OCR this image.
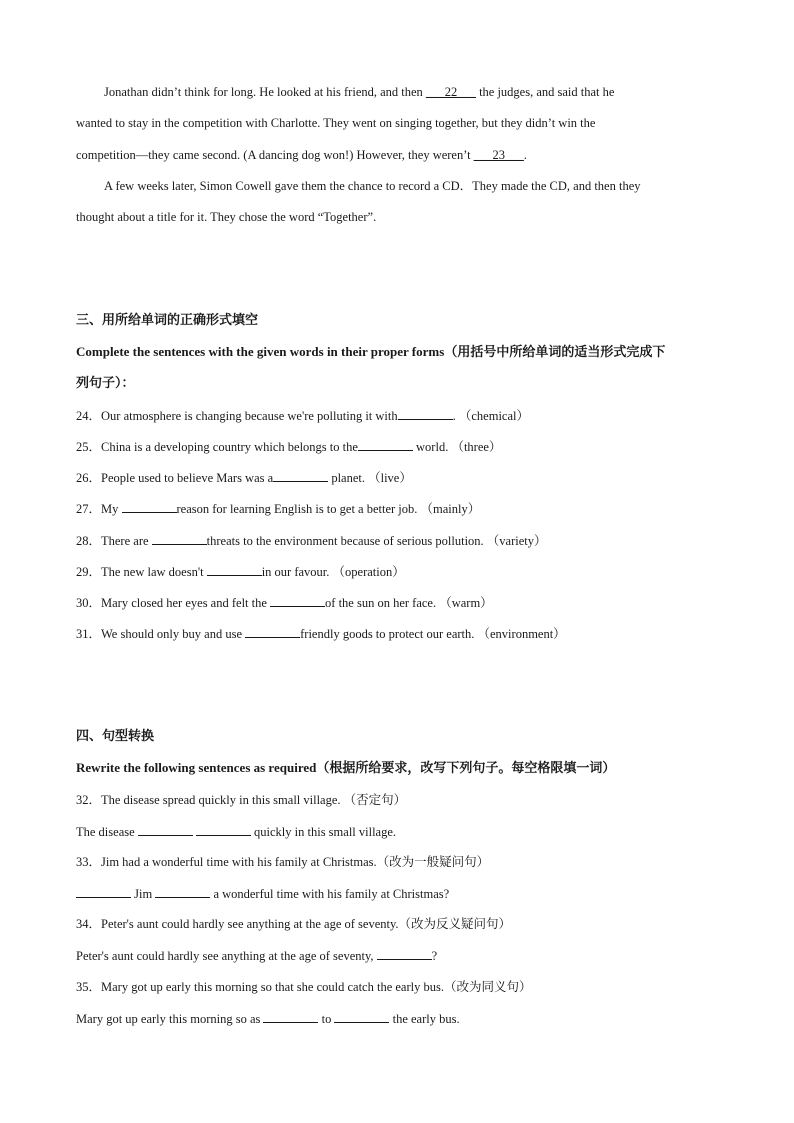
Jonathan didn’t think for long. He looked at his friend, and then ___22___ the judges, and said that he
wanted to stay in the competition with Charlotte. They went on singing together, but they didn’t win the
competition—they came second. (A dancing dog won!) However, they weren’t ___23___.
A few weeks later, Simon Cowell gave them the chance to record a CD．They made the CD, and then they
thought about a title for it. They chose the word “Together”.
三、用所给单词的正确形式填空
Complete the sentences with the given words in their proper forms（用括号中所给单词的适当形式完成下
列句子）：
24．Our atmosphere is changing because we're polluting it with	. （chemical）
25．China is a developing country which belongs to the	world. （three）
26．People used to believe Mars was a	planet. （live）
27．My	reason for learning English is to get a better job. （mainly）
28．There are	threats to the environment because of serious pollution. （variety）
29．The new law doesn't	in our favour. （operation）
30．Mary closed her eyes and felt the	of the sun on her face. （warm）
31．We should only buy and use	friendly goods to protect our earth. （environment）
四、句型转换
Rewrite the following sentences as required（根据所给要求，改写下列句子。每空格限填一词）
32．The disease spread quickly in this small village. （否定句）
The disease	quickly in this small village.
33．Jim had a wonderful time with his family at Christmas.（改为一般疑问句）
Jim	a wonderful time with his family at Christmas?
34．Peter's aunt could hardly see anything at the age of seventy.（改为反义疑问句）
Peter's aunt could hardly see anything at the age of seventy,	?
35．Mary got up early this morning so that she could catch the early bus.（改为同义句）
Mary got up early this morning so as	to	the early bus.
